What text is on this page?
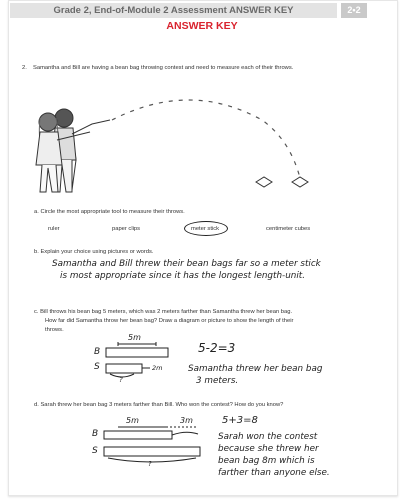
Grade 2, End-of-Module 2 Assessment ANSWER KEY	2•2
ANSWER KEY
2. Samantha and Bill are having a bean bag throwing contest and need to measure each of their throws.
a. Circle the most appropriate tool to measure their throws.
ruler	paper clips	meter stick	centimeter cubes
b. Explain your choice using pictures or words.
Samantha and Bill threw their bean bags far so a meter stick
is most appropriate since it has the longest length-unit.
c. Bill throws his bean bag 5 meters, which was 2 meters farther than Samantha threw her bean bag.
How far did Samantha throw her bean bag? Draw a diagram or picture to show the length of their
throws.
B
S
5m
2m
?
5-2=3
Samantha threw her bean bag
3 meters.
d. Sarah threw her bean bag 3 meters farther than Bill. Who won the contest? How do you know?
B
S
5m	3m
?
5+3=8
Sarah won the contest
because she threw her
bean bag 8m which is
farther than anyone else.
